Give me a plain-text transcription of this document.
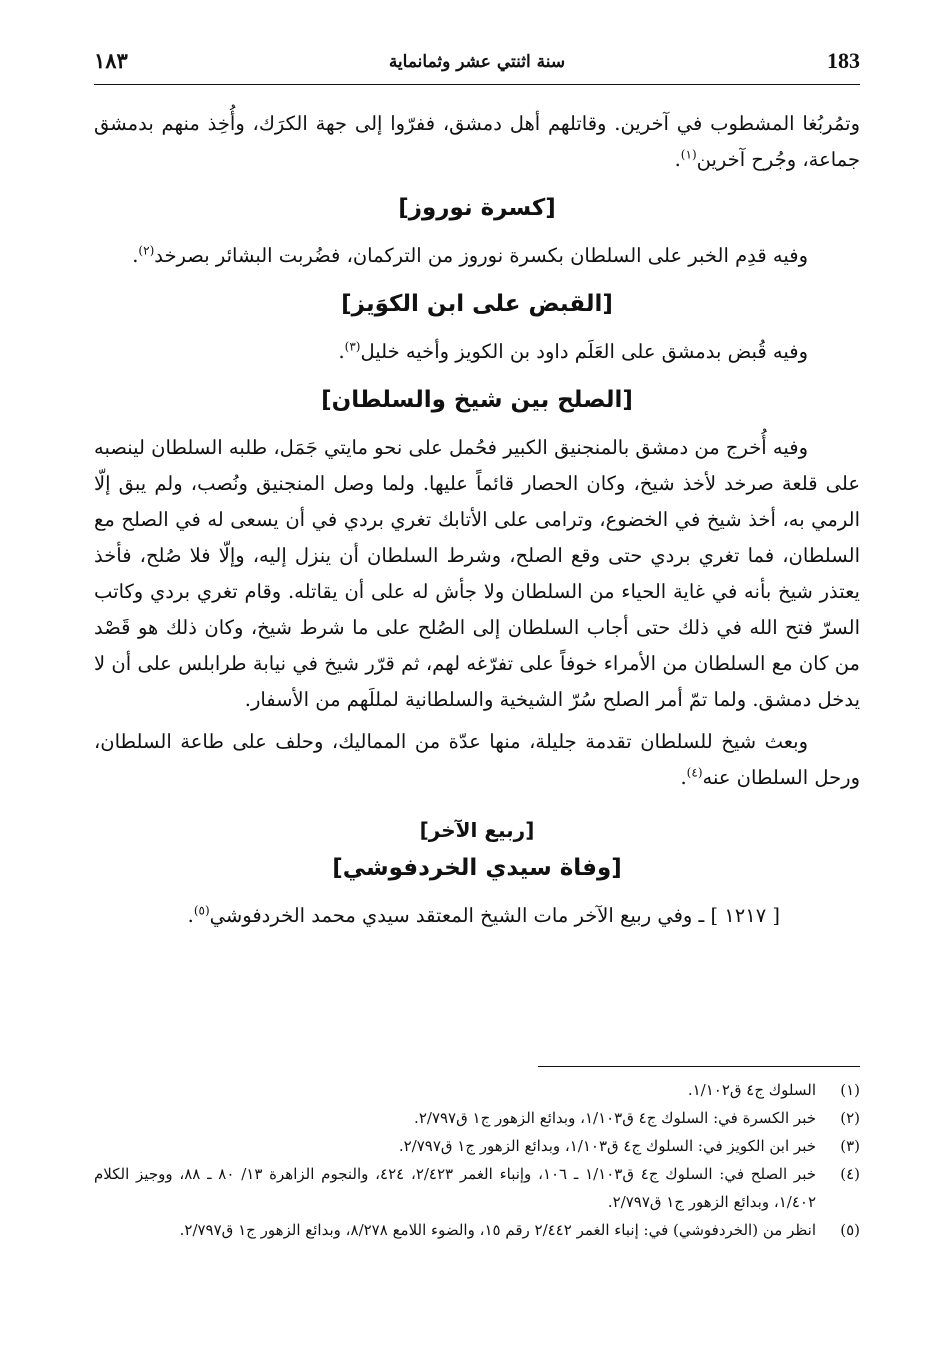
183
سنة اثنتي عشر وثمانماية
١٨٣

وتمُربُغا المشطوب في آخرين. وقاتلهم أهل دمشق، ففرّوا إلى جهة الكرَك، وأُخِذ منهم بدمشق جماعة، وجُرح آخرين$^{(١)}$.

[كسرة نوروز]

وفيه قدِم الخبر على السلطان بكسرة نوروز من التركمان، فضُربت البشائر بصرخد$^{(٢)}$.

[القبض على ابن الكوَيز]

وفيه قُبض بدمشق على العَلَم داود بن الكويز وأخيه خليل$^{(٣)}$.

[الصلح بين شيخ والسلطان]

وفيه أُخرج من دمشق بالمنجنيق الكبير فحُمل على نحو مايتي جَمَل، طلبه السلطان لينصبه على قلعة صرخد لأخذ شيخ، وكان الحصار قائماً عليها. ولما وصل المنجنيق ونُصب، ولم يبق إلّا الرمي به، أخذ شيخ في الخضوع، وترامى على الأتابك تغري بردي في أن يسعى له في الصلح مع السلطان، فما تغري بردي حتى وقع الصلح، وشرط السلطان أن ينزل إليه، وإلّا فلا صُلح، فأخذ يعتذر شيخ بأنه في غاية الحياء من السلطان ولا جأش له على أن يقاتله. وقام تغري بردي وكاتب السرّ فتح الله في ذلك حتى أجاب السلطان إلى الصُلح على ما شرط شيخ، وكان ذلك هو قَصْد من كان مع السلطان من الأمراء خوفاً على تفرّغه لهم، ثم قرّر شيخ في نيابة طرابلس على أن لا يدخل دمشق. ولما تمّ أمر الصلح سُرّ الشيخية والسلطانية لمللَهم من الأسفار.

وبعث شيخ للسلطان تقدمة جليلة، منها عدّة من المماليك، وحلف على طاعة السلطان، ورحل السلطان عنه$^{(٤)}$.

[ربيع الآخر]
[وفاة سيدي الخردفوشي]

[ ١٢١٧ ] ـ وفي ربيع الآخر مات الشيخ المعتقد سيدي محمد الخردفوشي$^{(٥)}$.

(١)
السلوك ج٤ ق١/١٠٢.
(٢)
خبر الكسرة في: السلوك ج٤ ق١/١٠٣، وبدائع الزهور ج١ ق٢/٧٩٧.
(٣)
خبر ابن الكويز في: السلوك ج٤ ق١/١٠٣، وبدائع الزهور ج١ ق٢/٧٩٧.
(٤)
خبر الصلح في: السلوك ج٤ ق١/١٠٣ ـ ١٠٦، وإنباء الغمر ٢/٤٢٣، ٤٢٤، والنجوم الزاهرة ١٣/ ٨٠ ـ ٨٨، ووجيز الكلام ١/٤٠٢، وبدائع الزهور ج١ ق٢/٧٩٧.
(٥)
انظر من (الخردفوشي) في: إنباء الغمر ٢/٤٤٢ رقم ١٥، والضوء اللامع ٨/٢٧٨، وبدائع الزهور ج١ ق٢/٧٩٧.
